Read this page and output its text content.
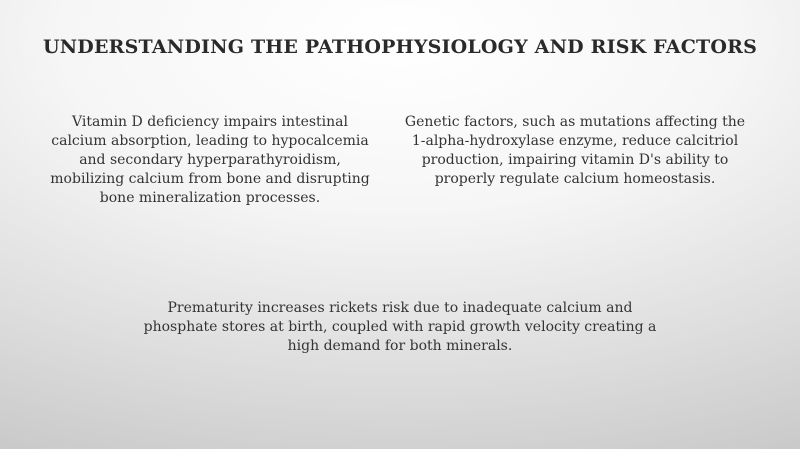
UNDERSTANDING THE PATHOPHYSIOLOGY AND RISK FACTORS

Vitamin D deficiency impairs intestinal calcium absorption, leading to hypocalcemia and secondary hyperparathyroidism, mobilizing calcium from bone and disrupting bone mineralization processes.

Genetic factors, such as mutations affecting the 1-alpha-hydroxylase enzyme, reduce calcitriol production, impairing vitamin D's ability to properly regulate calcium homeostasis.

Prematurity increases rickets risk due to inadequate calcium and phosphate stores at birth, coupled with rapid growth velocity creating a high demand for both minerals.
